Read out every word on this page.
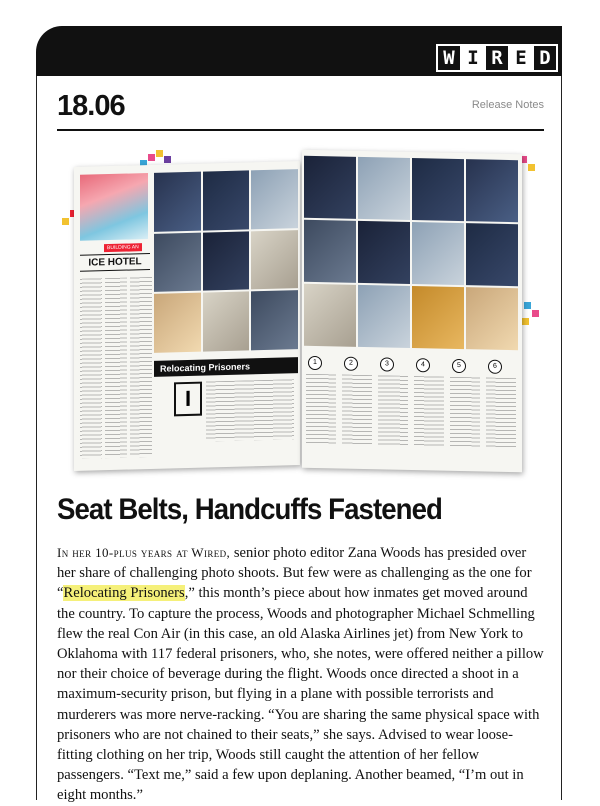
W I R E D
18.06	Release Notes
BUILDING AN
ICE HOTEL
Relocating Prisoners
I
1	2	3	4	5	6
Seat Belts, Handcuffs Fastened
In her 10-plus years at Wired, senior photo editor Zana Woods has presided over her share of challenging photo shoots. But few were as challenging as the one for “Relocating Prisoners,” this month’s piece about how inmates get moved around the country. To capture the process, Woods and photographer Michael Schmelling flew the real Con Air (in this case, an old Alaska Airlines jet) from New York to Oklahoma with 117 federal prisoners, who, she notes, were offered neither a pillow nor their choice of beverage during the flight. Woods once directed a shoot in a maximum-security prison, but flying in a plane with possible terrorists and murderers was more nerve-racking. “You are sharing the same physical space with prisoners who are not chained to their seats,” she says. Advised to wear loose-fitting clothing on her trip, Woods still caught the attention of her fellow passengers. “Text me,” said a few upon deplaning. Another beamed, “I’m out in eight months.”
